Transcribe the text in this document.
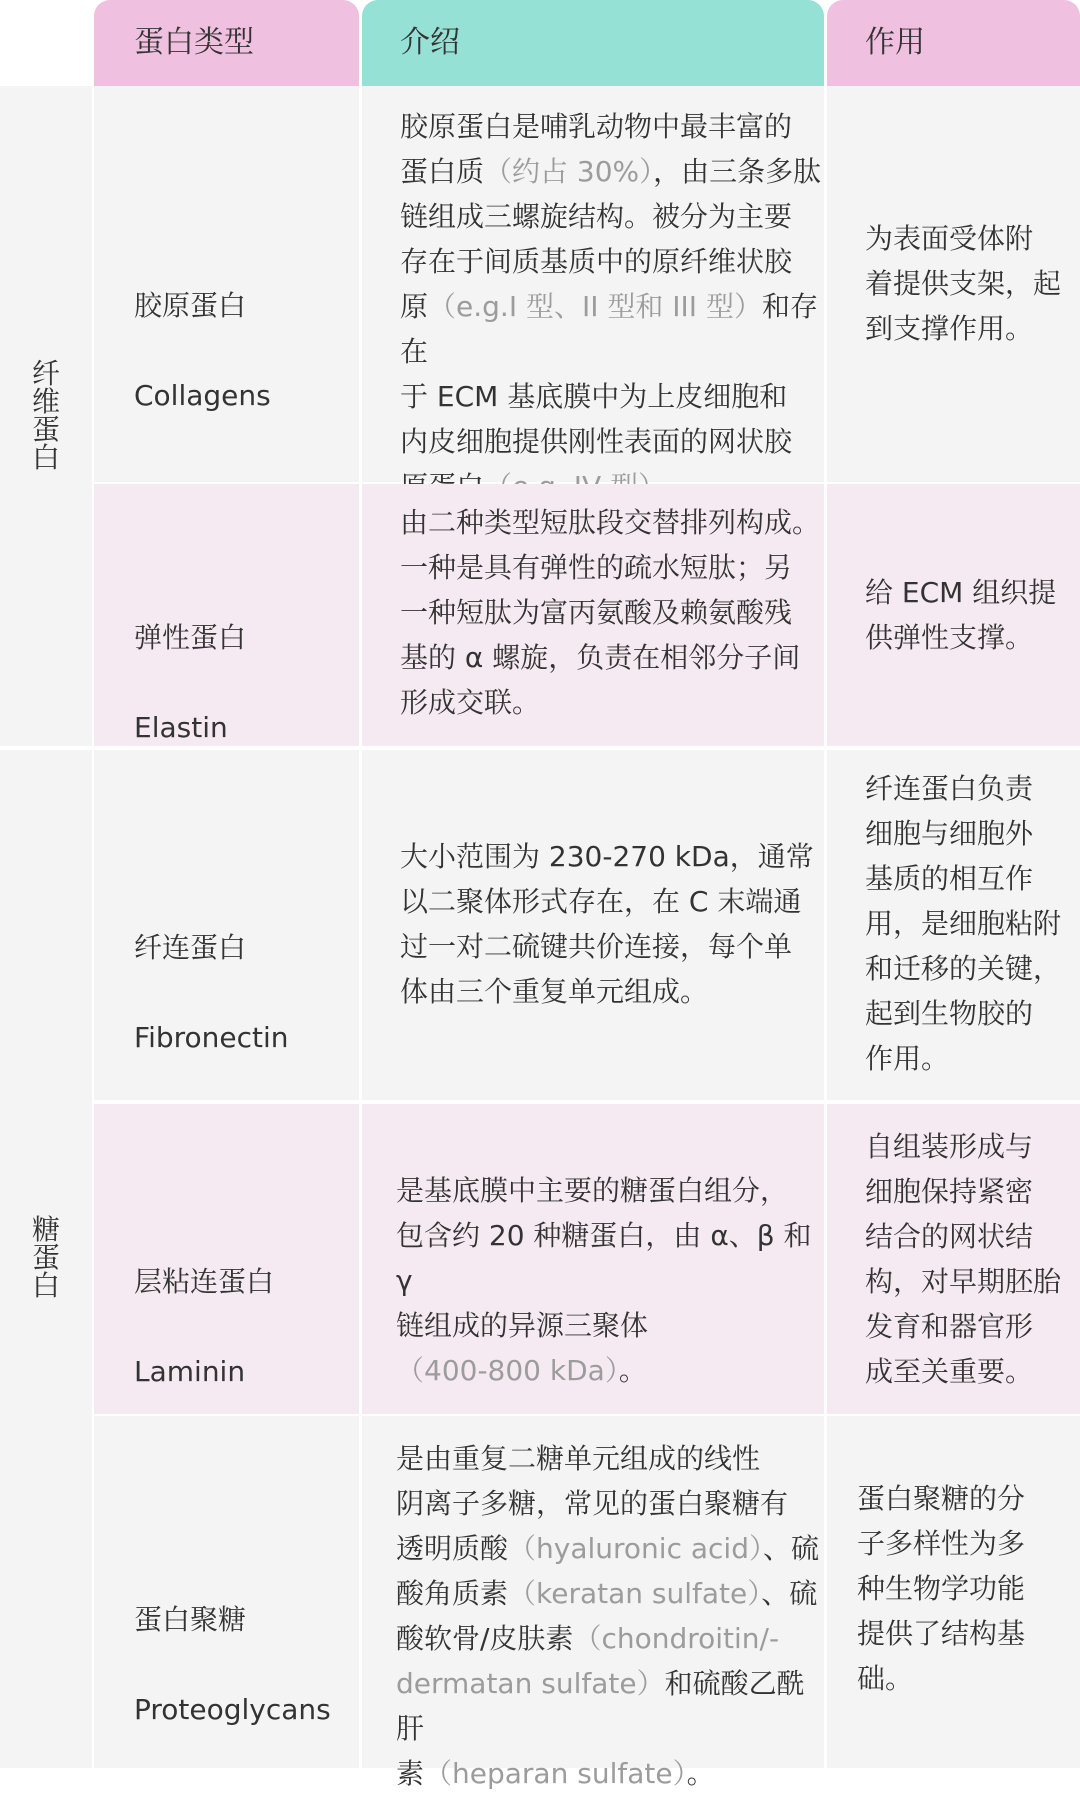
蛋白类型	介绍	作用
纤
维
蛋
白
糖
蛋
白

胶原蛋白

Collagens

胶原蛋白是哺乳动物中最丰富的
蛋白质（约占 30%），由三条多肽
链组成三螺旋结构。被分为主要
存在于间质基质中的原纤维状胶
原（e.g.I 型、II 型和 III 型）和存在
于 ECM 基底膜中为上皮细胞和
内皮细胞提供刚性表面的网状胶
为表面受体附
着提供支架，起
到支撑作用。

弹性蛋白

Elastin

由二种类型短肽段交替排列构成。
一种是具有弹性的疏水短肽；另
一种短肽为富丙氨酸及赖氨酸残
基的 α 螺旋，负责在相邻分子间
形成交联。
给 ECM 组织提
供弹性支撑。

纤连蛋白

Fibronectin

大小范围为 230-270 kDa，通常
以二聚体形式存在，在 C 末端通
过一对二硫键共价连接，每个单
体由三个重复单元组成。
纤连蛋白负责
细胞与细胞外
基质的相互作
用，是细胞粘附
和迁移的关键，
起到生物胶的
作用。

层粘连蛋白

Laminin

是基底膜中主要的糖蛋白组分，
包含约 20 种糖蛋白，由 α、β 和 γ
链组成的异源三聚体
（400-800 kDa）。
自组装形成与
细胞保持紧密
结合的网状结
构，对早期胚胎
发育和器官形
成至关重要。

蛋白聚糖

Proteoglycans

是由重复二糖单元组成的线性
阴离子多糖，常见的蛋白聚糖有
透明质酸（hyaluronic acid）、硫
酸角质素（keratan sulfate）、硫
酸软骨/皮肤素（chondroitin/-
dermatan sulfate）和硫酸乙酰肝
素（heparan sulfate）。
蛋白聚糖的分
子多样性为多
种生物学功能
提供了结构基
础。
